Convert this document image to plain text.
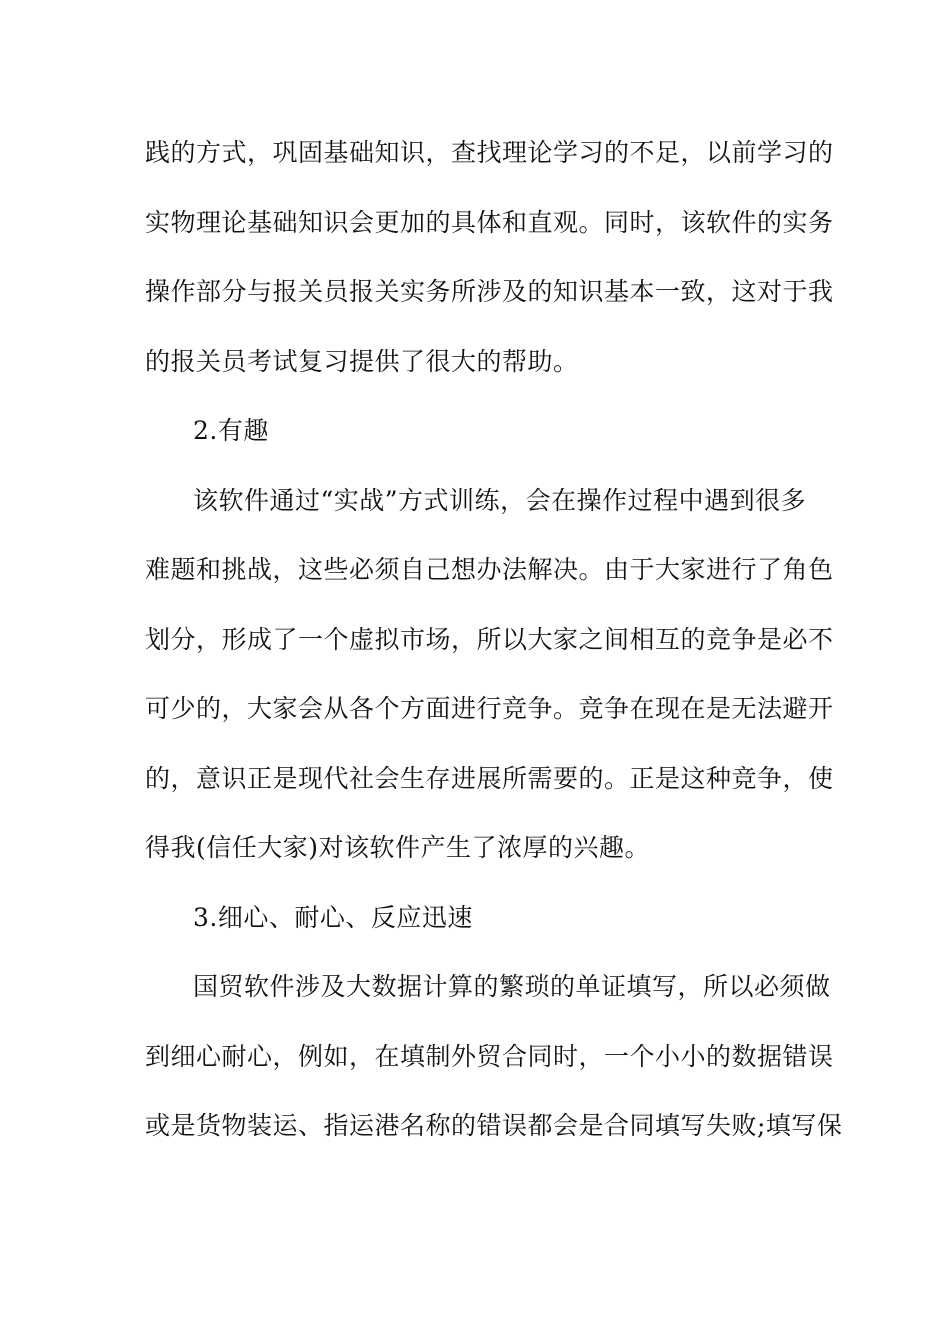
践的方式，巩固基础知识，查找理论学习的不足，以前学习的
实物理论基础知识会更加的具体和直观。同时，该软件的实务
操作部分与报关员报关实务所涉及的知识基本一致，这对于我
的报关员考试复习提供了很大的帮助。
2.有趣
该软件通过“实战”方式训练，会在操作过程中遇到很多
难题和挑战，这些必须自己想办法解决。由于大家进行了角色
划分，形成了一个虚拟市场，所以大家之间相互的竞争是必不
可少的，大家会从各个方面进行竞争。竞争在现在是无法避开
的，意识正是现代社会生存进展所需要的。正是这种竞争，使
得我(信任大家)对该软件产生了浓厚的兴趣。
3.细心、耐心、反应迅速
国贸软件涉及大数据计算的繁琐的单证填写，所以必须做
到细心耐心，例如，在填制外贸合同时，一个小小的数据错误
或是货物装运、指运港名称的错误都会是合同填写失败;填写保
